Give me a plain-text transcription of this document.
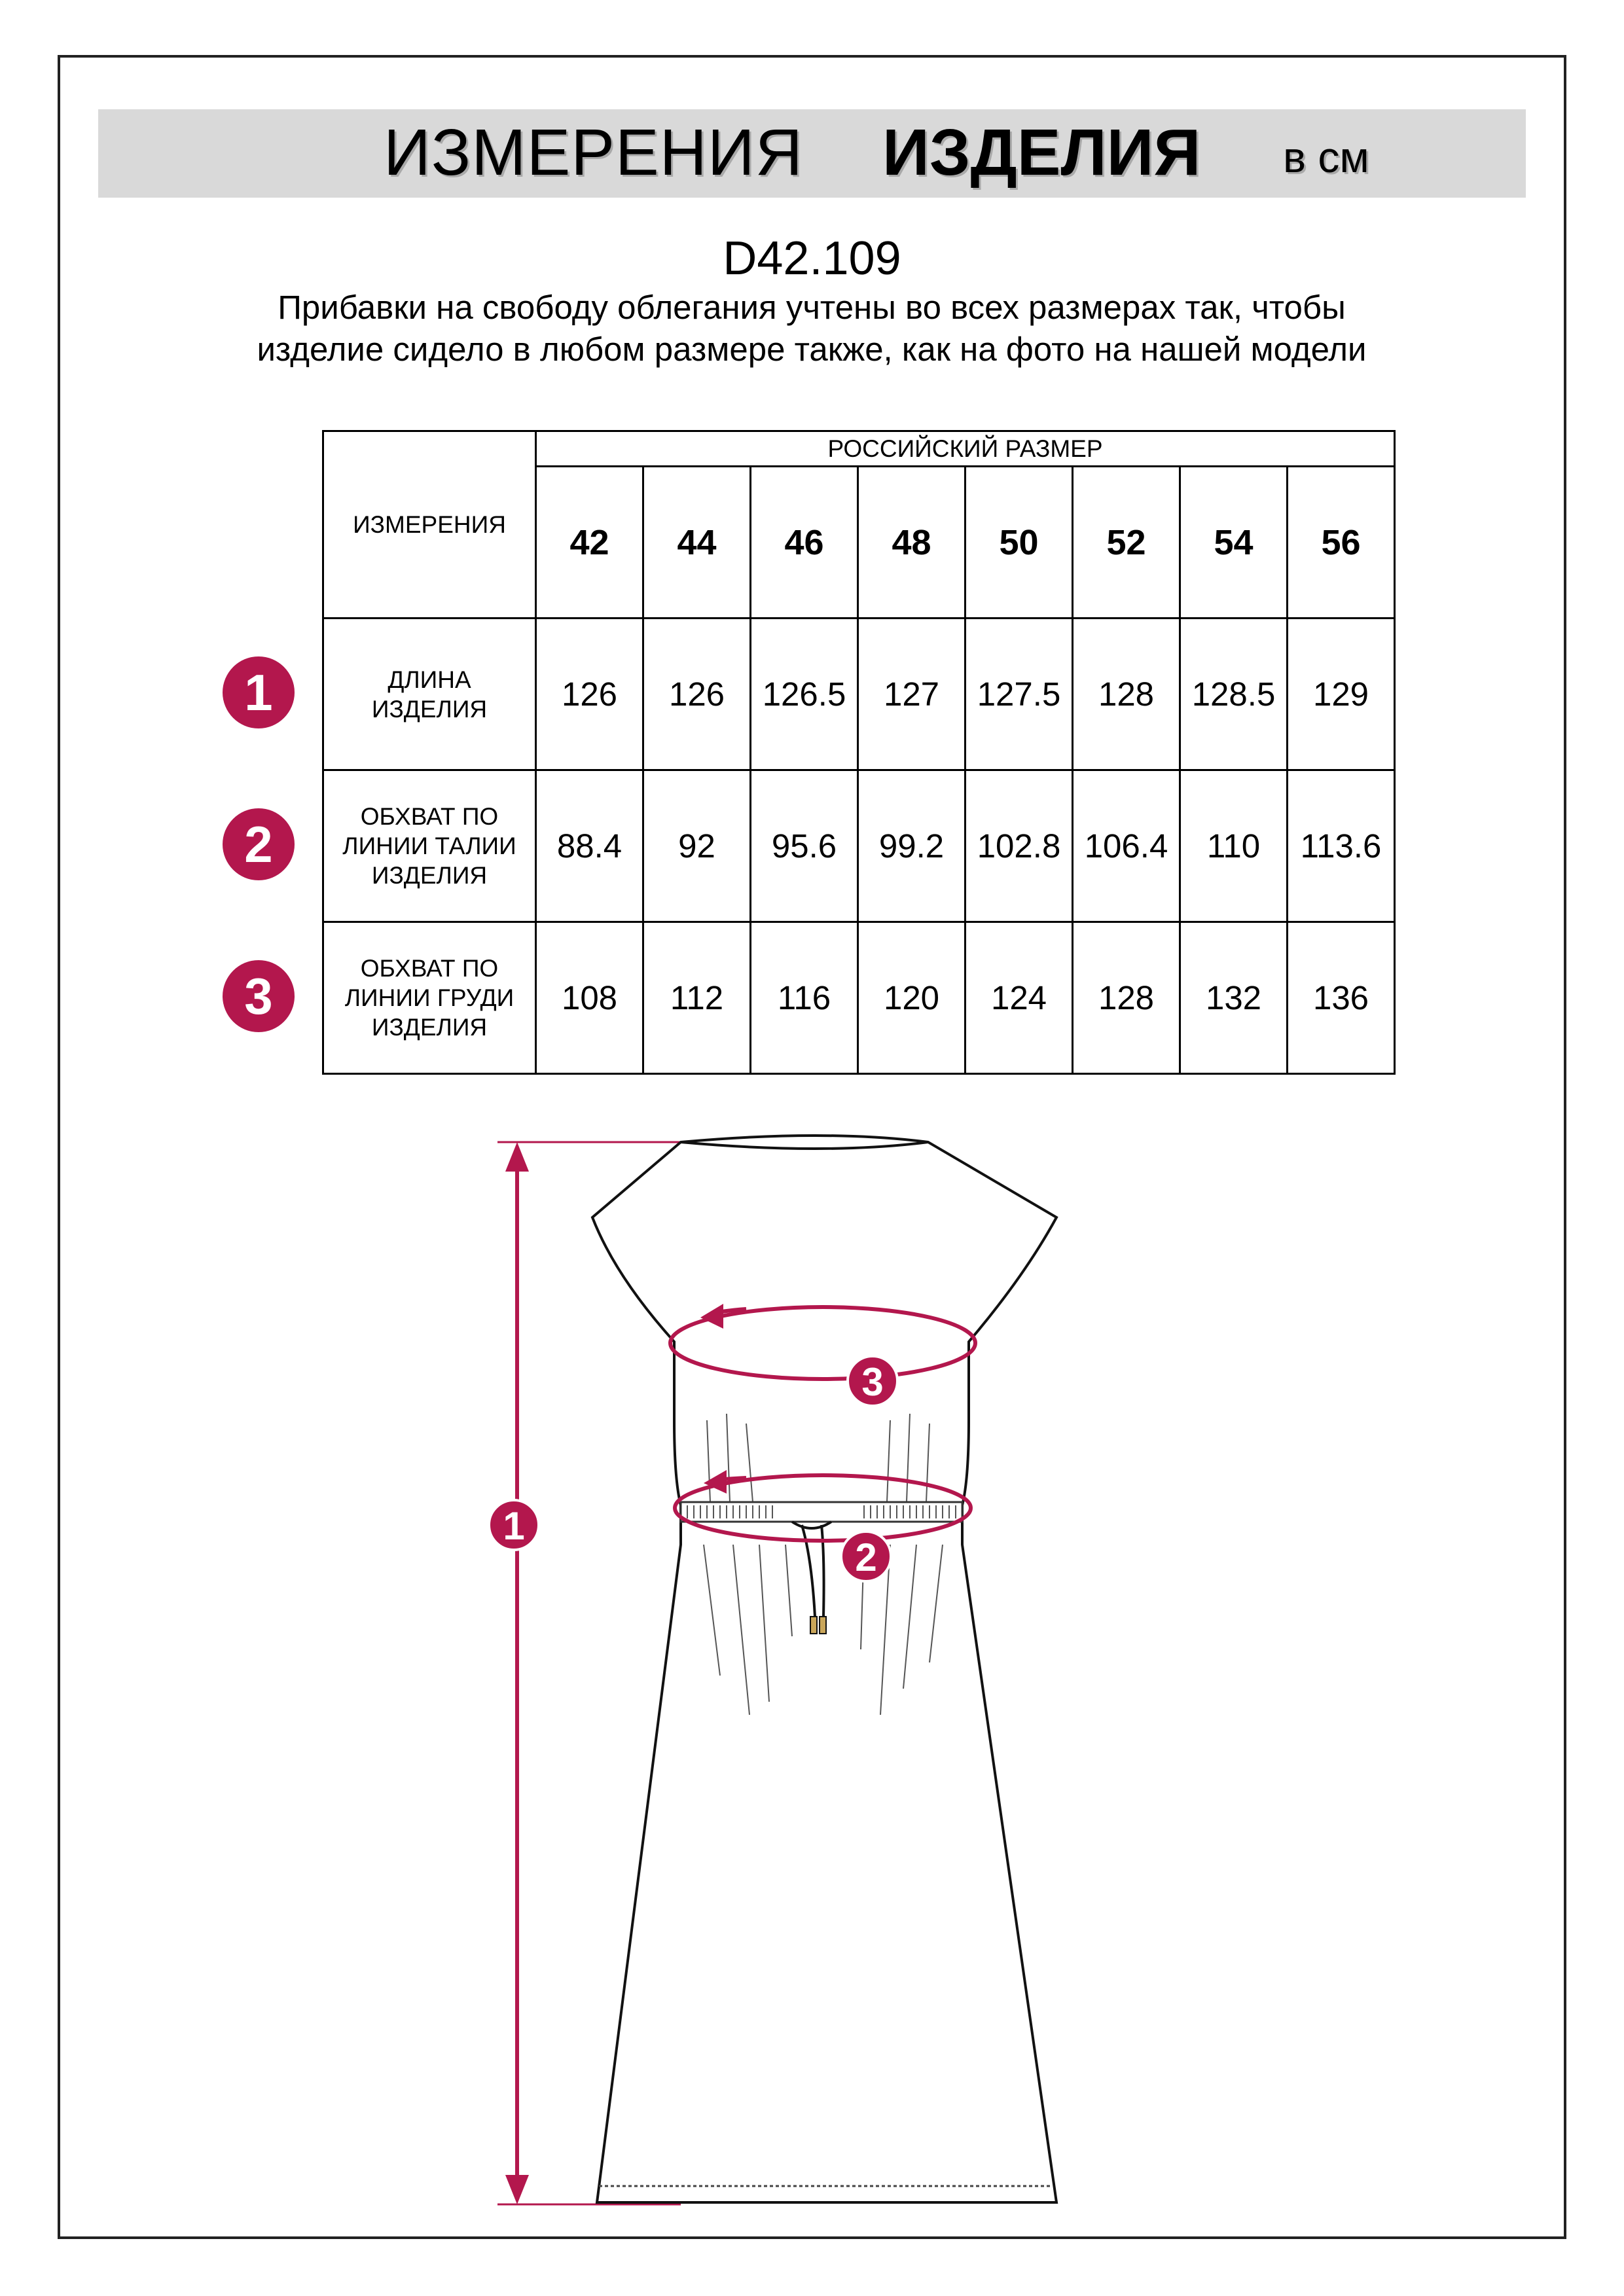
ИЗМЕРЕНИЯ ИЗДЕЛИЯ в см
D42.109
Прибавки на свободу облегания учтены во всех размерах так, чтобы изделие сидело в любом размере также, как на фото на нашей модели
ИЗМЕРЕНИЯ	РОССИЙСКИЙ РАЗМЕР							
	42	44	46	48	50	52	54	56

ДЛИНА
ИЗДЕЛИЯ	126	126	126.5	127	127.5	128	128.5	129

ОБХВАТ ПО
ЛИНИИ ТАЛИИ
ИЗДЕЛИЯ	88.4	92	95.6	99.2	102.8	106.4	110	113.6

ОБХВАТ ПО
ЛИНИИ ГРУДИ
ИЗДЕЛИЯ	108	112	116	120	124	128	132	136
1
2
3
1
2
3
